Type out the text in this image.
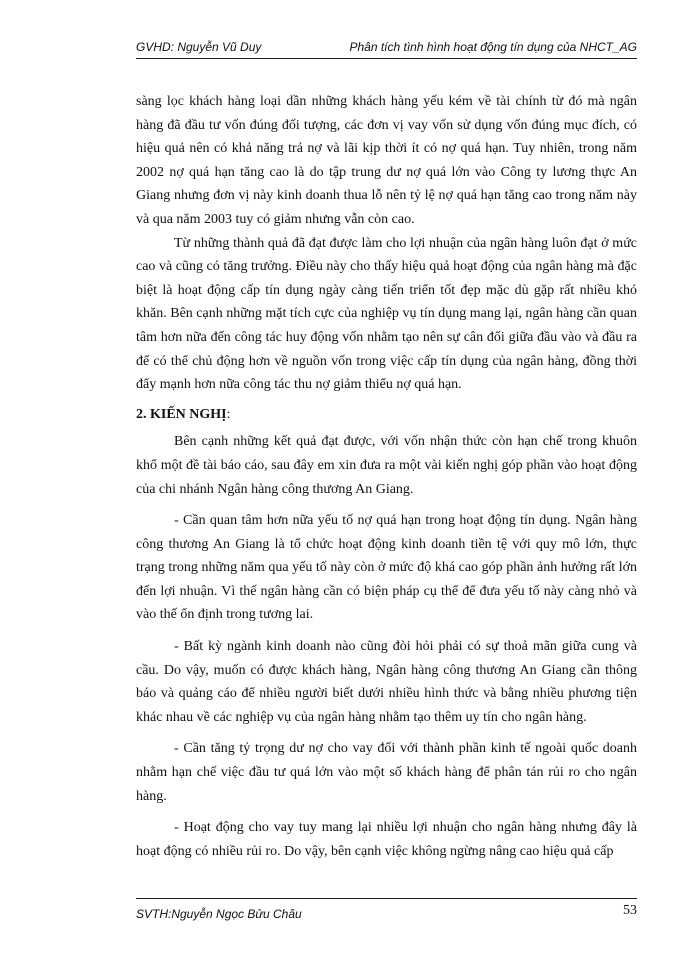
GVHD: Nguyễn Vũ Duy	Phân tích tình hình hoạt động tín dụng của NHCT_AG

sàng lọc khách hàng loại dần những khách hàng yếu kém về tài chính từ đó mà ngân hàng đã đầu tư vốn đúng đối tượng, các đơn vị vay vốn sử dụng vốn đúng mục đích, có hiệu quả nên có khả năng trả nợ và lãi kịp thời ít có nợ quá hạn. Tuy nhiên, trong năm 2002 nợ quá hạn tăng cao là do tập trung dư nợ quá lớn vào Công ty lương thực An Giang nhưng đơn vị này kinh doanh thua lỗ nên tỷ lệ nợ quá hạn tăng cao trong năm này và qua năm 2003 tuy có giảm nhưng vẫn còn cao.

Từ những thành quả đã đạt được làm cho lợi nhuận của ngân hàng luôn đạt ở mức cao và cũng có tăng trưởng. Điều này cho thấy hiệu quả hoạt động của ngân hàng mà đặc biệt là hoạt động cấp tín dụng ngày càng tiến triển tốt đẹp mặc dù gặp rất nhiều khó khăn. Bên cạnh những mặt tích cực của nghiệp vụ tín dụng mang lại, ngân hàng cần quan tâm hơn nữa đến công tác huy động vốn nhằm tạo nên sự cân đối giữa đầu vào và đầu ra để có thể chủ động hơn về nguồn vốn trong việc cấp tín dụng của ngân hàng, đồng thời đẩy mạnh hơn nữa công tác thu nợ giảm thiểu nợ quá hạn.

2. KIẾN NGHỊ:

Bên cạnh những kết quả đạt được, với vốn nhận thức còn hạn chế trong khuôn khổ một đề tài báo cáo, sau đây em xin đưa ra một vài kiến nghị góp phần vào hoạt động của chi nhánh Ngân hàng công thương An Giang.

- Cần quan tâm hơn nữa yếu tố nợ quá hạn trong hoạt động tín dụng. Ngân hàng công thương An Giang là tổ chức hoạt động kinh doanh tiền tệ với quy mô lớn, thực trạng trong những năm qua yếu tố này còn ở mức độ khá cao góp phần ảnh hưởng rất lớn đến lợi nhuận. Vì thế ngân hàng cần có biện pháp cụ thể để đưa yếu tố này càng nhỏ và vào thế ổn định trong tương lai.

- Bất kỳ ngành kinh doanh nào cũng đòi hỏi phải có sự thoả mãn giữa cung và cầu. Do vậy, muốn có được khách hàng, Ngân hàng công thương An Giang cần thông báo và quảng cáo để nhiều người biết dưới nhiều hình thức và bằng nhiều phương tiện khác nhau về các nghiệp vụ của ngân hàng nhằm tạo thêm uy tín cho ngân hàng.

- Cần tăng tỷ trọng dư nợ cho vay đối với thành phần kinh tế ngoài quốc doanh nhằm hạn chế việc đầu tư quá lớn vào một số khách hàng để phân tán rủi ro cho ngân hàng.

- Hoạt động cho vay tuy mang lại nhiều lợi nhuận cho ngân hàng nhưng đây là hoạt động có nhiều rủi ro. Do vậy, bên cạnh việc không ngừng nâng cao hiệu quả cấp

SVTH:Nguyễn Ngọc Bửu Châu	53
